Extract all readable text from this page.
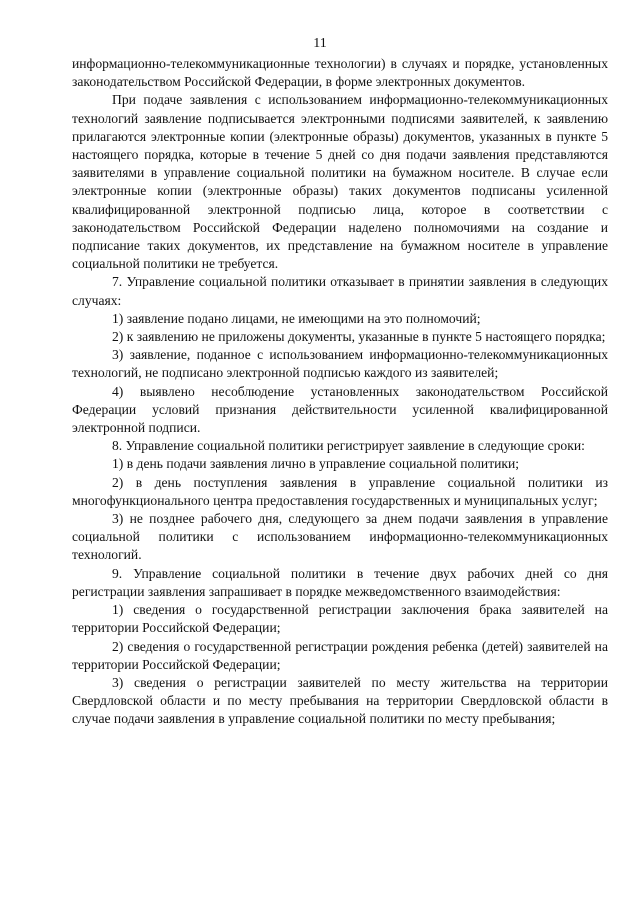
11

информационно-телекоммуникационные технологии) в случаях и порядке, установленных законодательством Российской Федерации, в форме электронных документов.

При подаче заявления с использованием информационно-телекоммуникационных технологий заявление подписывается электронными подписями заявителей, к заявлению прилагаются электронные копии (электронные образы) документов, указанных в пункте 5 настоящего порядка, которые в течение 5 дней со дня подачи заявления представляются заявителями в управление социальной политики на бумажном носителе. В случае если электронные копии (электронные образы) таких документов подписаны усиленной квалифицированной электронной подписью лица, которое в соответствии с законодательством Российской Федерации наделено полномочиями на создание и подписание таких документов, их представление на бумажном носителе в управление социальной политики не требуется.

7. Управление социальной политики отказывает в принятии заявления в следующих случаях:

1) заявление подано лицами, не имеющими на это полномочий;

2) к заявлению не приложены документы, указанные в пункте 5 настоящего порядка;

3) заявление, поданное с использованием информационно-телекоммуникационных технологий, не подписано электронной подписью каждого из заявителей;

4) выявлено несоблюдение установленных законодательством Российской Федерации условий признания действительности усиленной квалифицированной электронной подписи.

8. Управление социальной политики регистрирует заявление в следующие сроки:

1) в день подачи заявления лично в управление социальной политики;

2) в день поступления заявления в управление социальной политики из многофункционального центра предоставления государственных и муниципальных услуг;

3) не позднее рабочего дня, следующего за днем подачи заявления в управление социальной политики с использованием информационно-телекоммуникационных технологий.

9. Управление социальной политики в течение двух рабочих дней со дня регистрации заявления запрашивает в порядке межведомственного взаимодействия:

1) сведения о государственной регистрации заключения брака заявителей на территории Российской Федерации;

2) сведения о государственной регистрации рождения ребенка (детей) заявителей на территории Российской Федерации;

3) сведения о регистрации заявителей по месту жительства на территории Свердловской области и по месту пребывания на территории Свердловской области в случае подачи заявления в управление социальной политики по месту пребывания;
